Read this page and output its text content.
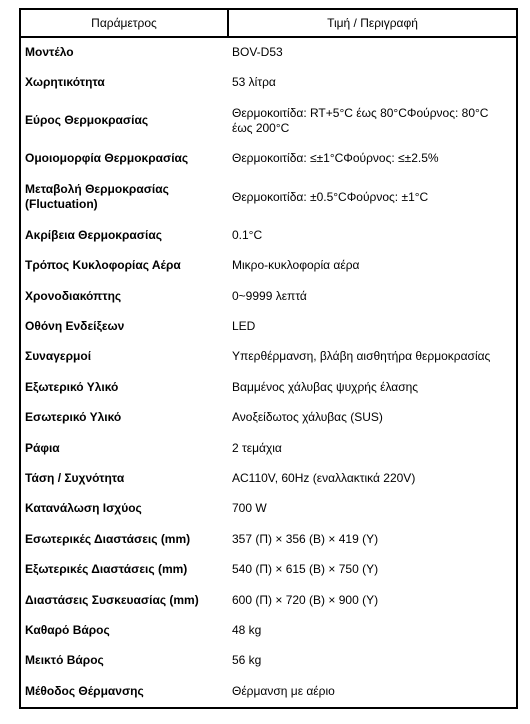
Παράμετρος	Τιμή / Περιγραφή
Μοντέλο	BOV-D53
Χωρητικότητα	53 λίτρα
Εύρος Θερμοκρασίας	Θερμοκοιτίδα: RT+5°C έως 80°CΦούρνος: 80°C έως 200°C
Ομοιομορφία Θερμοκρασίας	Θερμοκοιτίδα: ≤±1°CΦούρνος: ≤±2.5%
Μεταβολή Θερμοκρασίας (Fluctuation)	Θερμοκοιτίδα: ±0.5°CΦούρνος: ±1°C
Ακρίβεια Θερμοκρασίας	0.1°C
Τρόπος Κυκλοφορίας Αέρα	Μικρο-κυκλοφορία αέρα
Χρονοδιακόπτης	0~9999 λεπτά
Οθόνη Ενδείξεων	LED
Συναγερμοί	Υπερθέρμανση, βλάβη αισθητήρα θερμοκρασίας
Εξωτερικό Υλικό	Βαμμένος χάλυβας ψυχρής έλασης
Εσωτερικό Υλικό	Ανοξείδωτος χάλυβας (SUS)
Ράφια	2 τεμάχια
Τάση / Συχνότητα	AC110V, 60Hz (εναλλακτικά 220V)
Κατανάλωση Ισχύος	700 W
Εσωτερικές Διαστάσεις (mm)	357 (Π) × 356 (Β) × 419 (Υ)
Εξωτερικές Διαστάσεις (mm)	540 (Π) × 615 (Β) × 750 (Υ)
Διαστάσεις Συσκευασίας (mm)	600 (Π) × 720 (Β) × 900 (Υ)
Καθαρό Βάρος	48 kg
Μεικτό Βάρος	56 kg
Μέθοδος Θέρμανσης	Θέρμανση με αέριο
